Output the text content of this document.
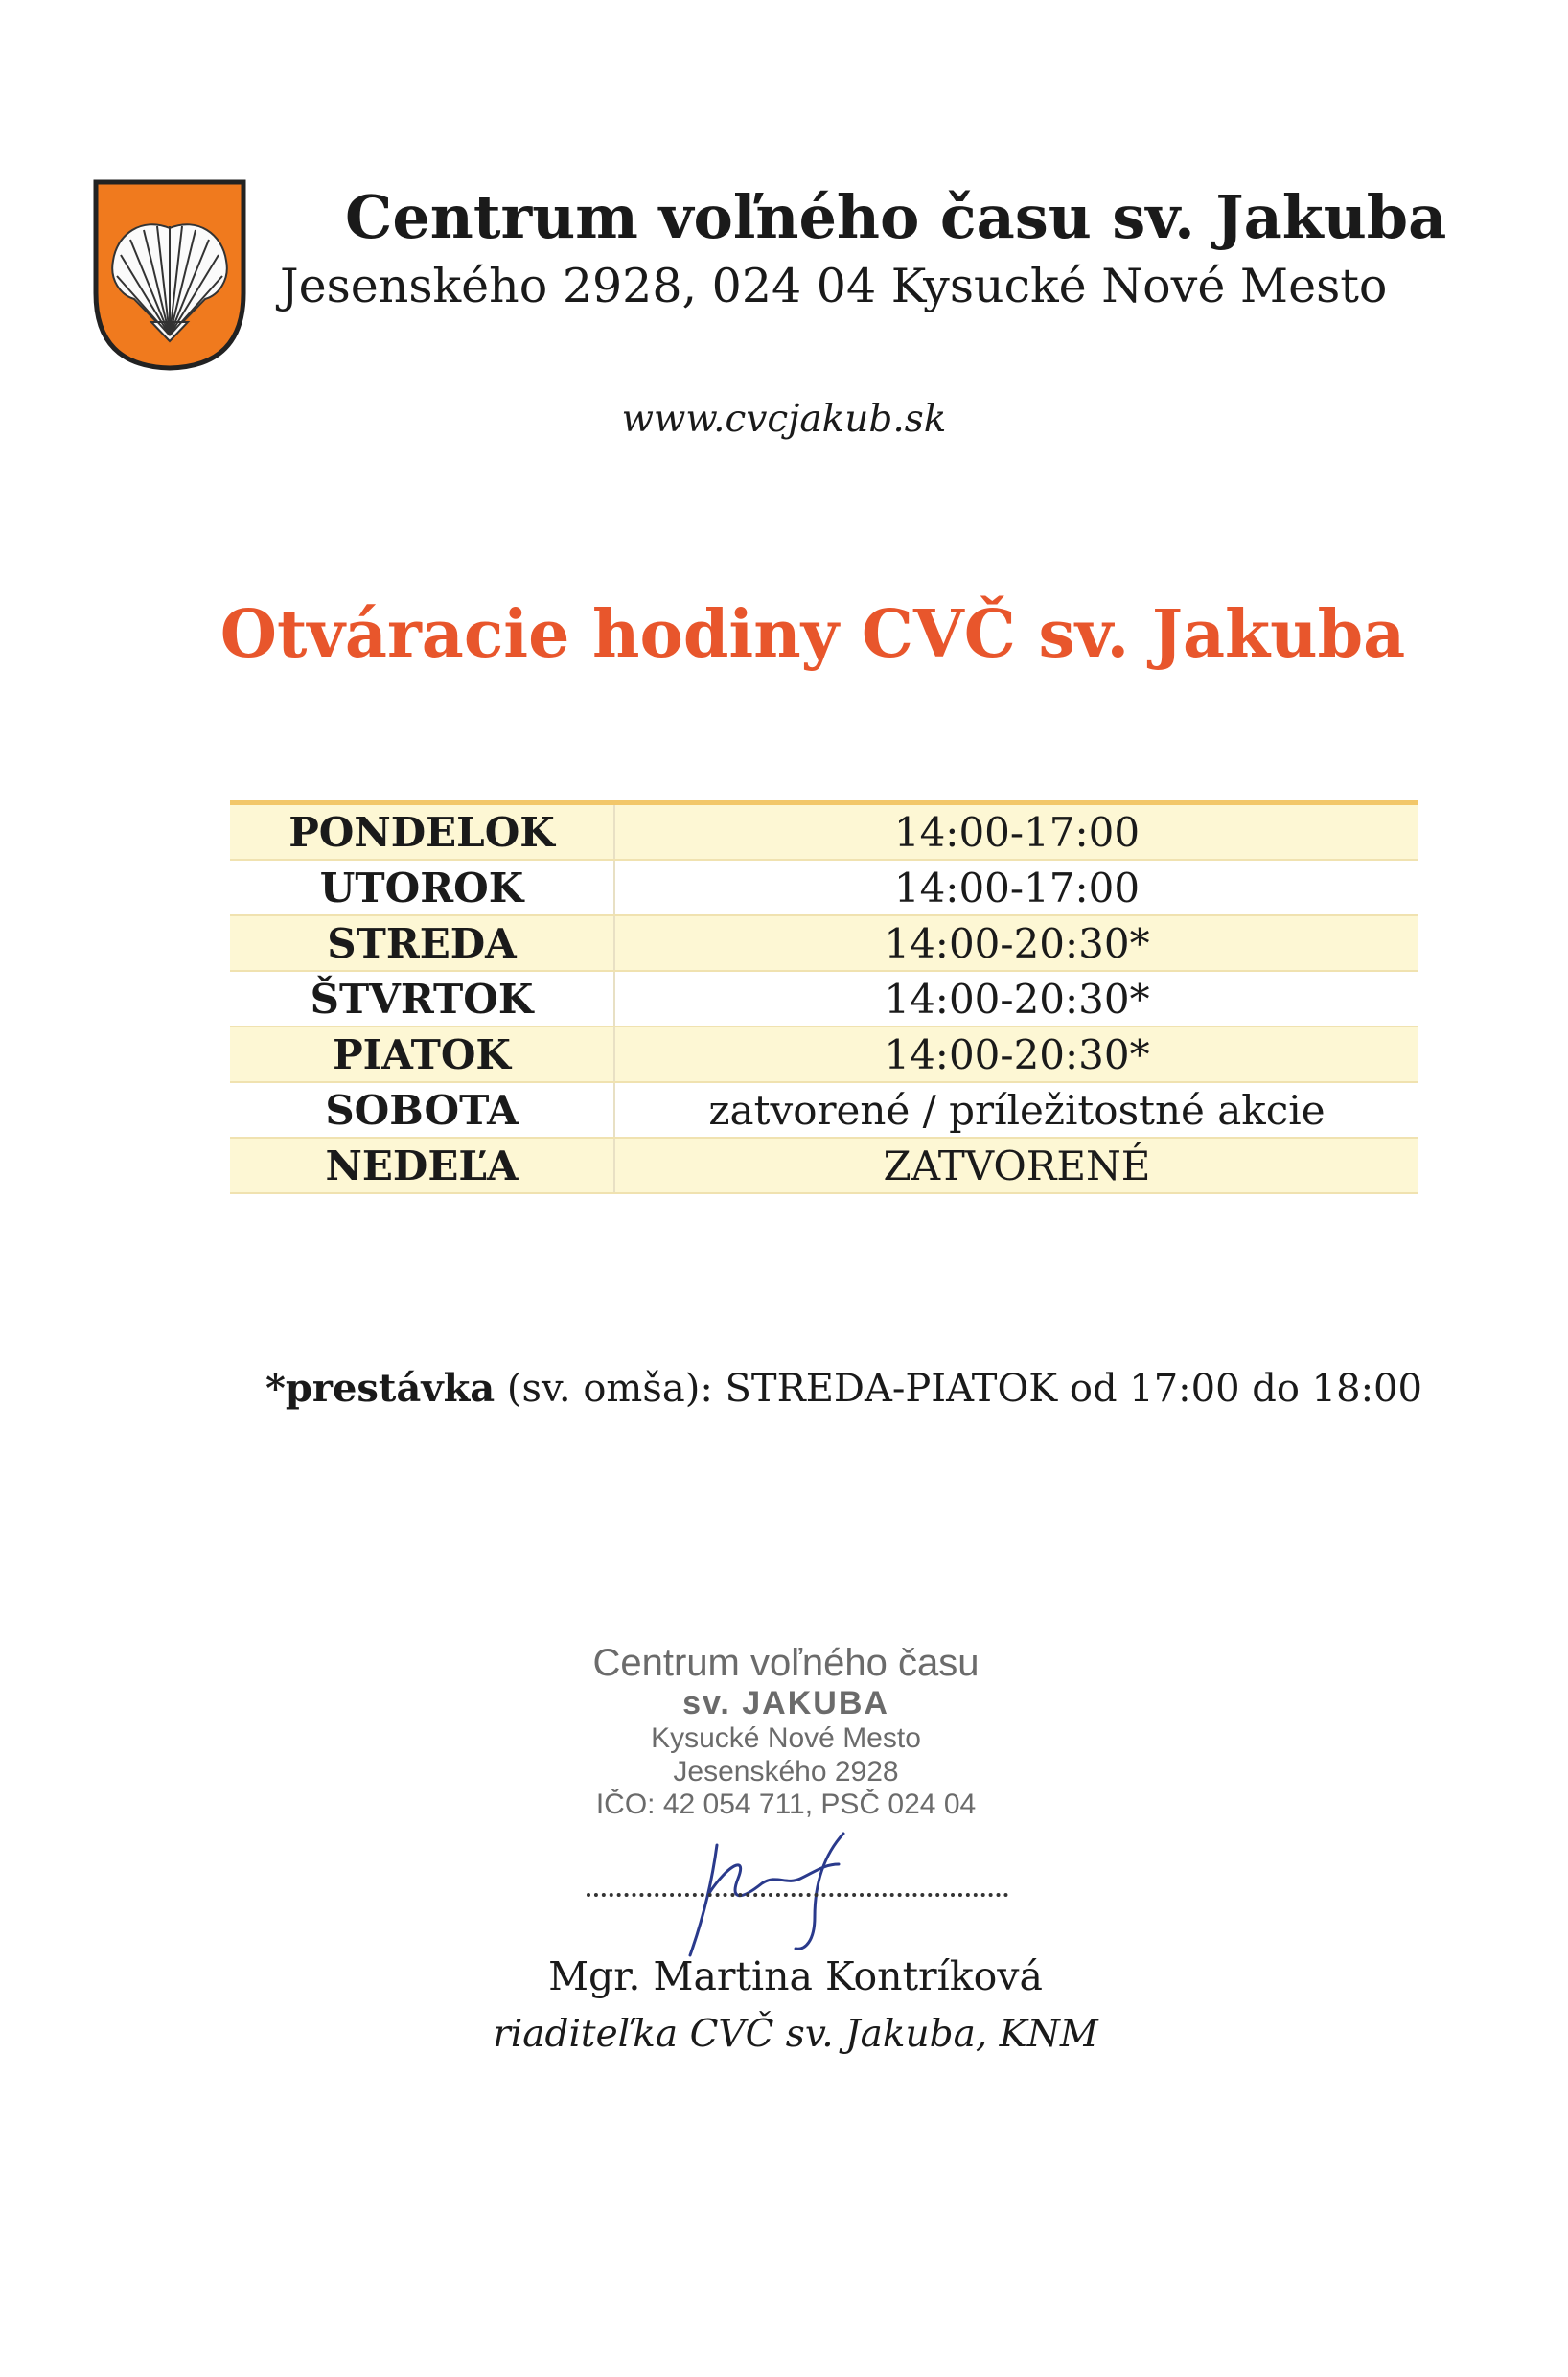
Centrum voľného času sv. Jakuba
Jesenského 2928, 024 04 Kysucké Nové Mesto
www.cvcjakub.sk
Otváracie hodiny CVČ sv. Jakuba
PONDELOK	14:00-17:00
UTOROK	14:00-17:00
STREDA	14:00-20:30*
ŠTVRTOK	14:00-20:30*
PIATOK	14:00-20:30*
SOBOTA	zatvorené / príležitostné akcie
NEDEĽA	ZATVORENÉ
*prestávka (sv. omša): STREDA-PIATOK od 17:00 do 18:00
Centrum voľného času
sv. JAKUBA
Kysucké Nové Mesto
Jesenského 2928
IČO: 42 054 711, PSČ 024 04
Mgr. Martina Kontríková
riaditeľka CVČ sv. Jakuba, KNM
